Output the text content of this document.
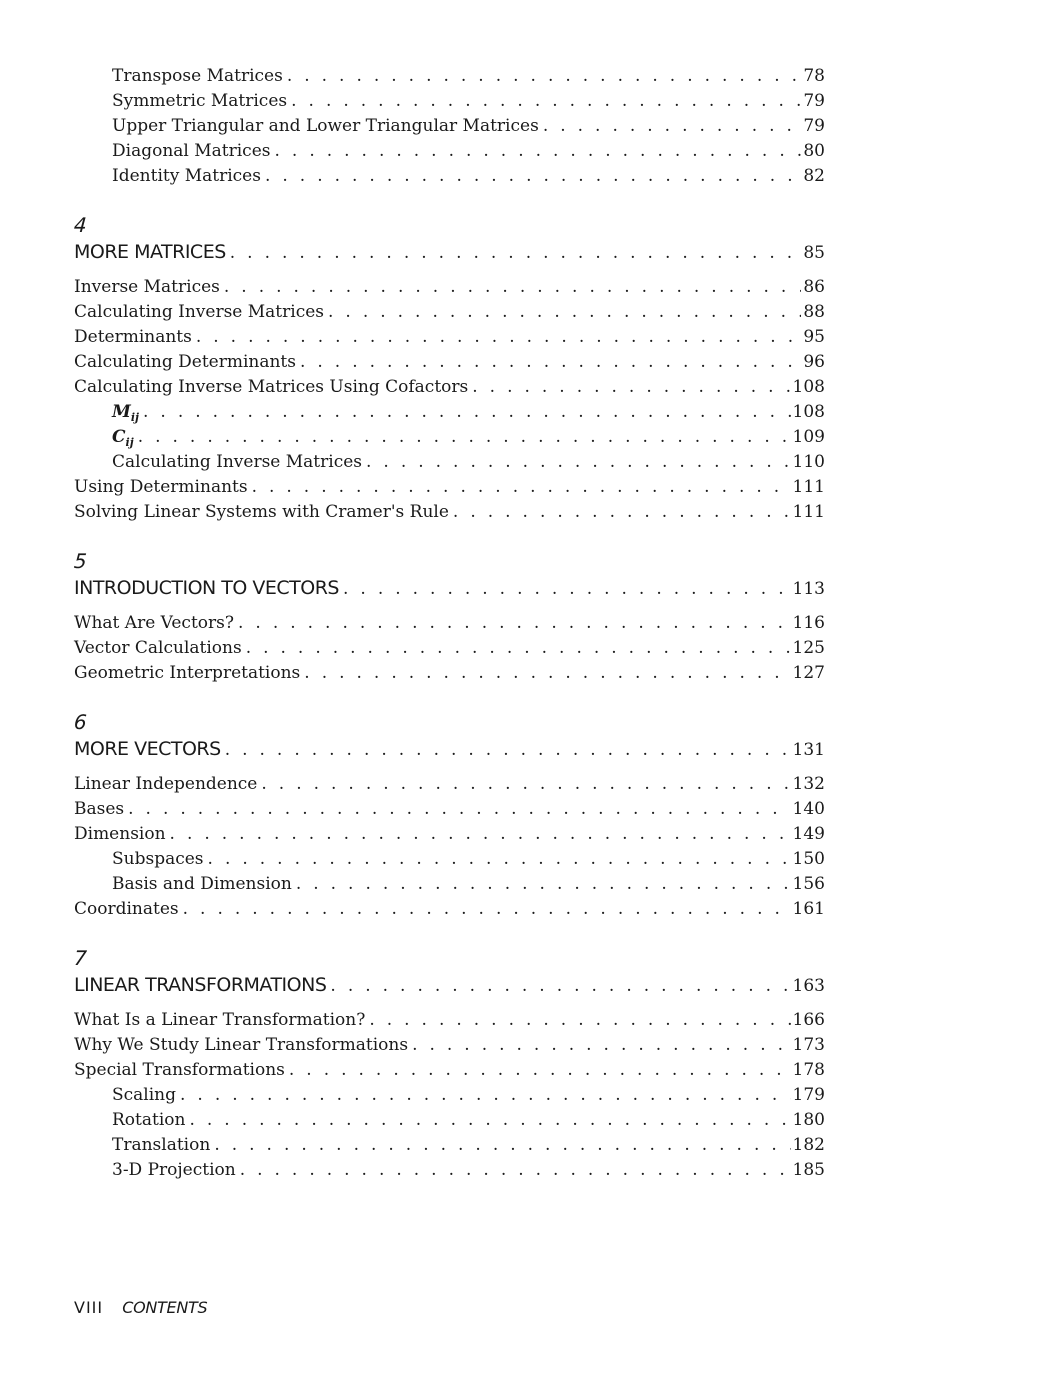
Transpose Matrices . . .	78
Symmetric Matrices . . .	79
Upper Triangular and Lower Triangular Matrices . . .	79
Diagonal Matrices . . .	80
Identity Matrices . . .	82
4
MORE MATRICES . . .	85
Inverse Matrices . . .	86
Calculating Inverse Matrices . . .	88
Determinants . . .	95
Calculating Determinants . . .	96
Calculating Inverse Matrices Using Cofactors . . .	108
$M_{ij}$ . . .	108
$C_{ij}$ . . .	109
Calculating Inverse Matrices . . .	110
Using Determinants . . .	111
Solving Linear Systems with Cramer's Rule . . .	111
5
INTRODUCTION TO VECTORS . . .	113
What Are Vectors? . . .	116
Vector Calculations . . .	125
Geometric Interpretations . . .	127
6
MORE VECTORS . . .	131
Linear Independence . . .	132
Bases . . .	140
Dimension . . .	149
Subspaces . . .	150
Basis and Dimension . . .	156
Coordinates . . .	161
7
LINEAR TRANSFORMATIONS . . .	163
What Is a Linear Transformation? . . .	166
Why We Study Linear Transformations . . .	173
Special Transformations . . .	178
Scaling . . .	179
Rotation . . .	180
Translation . . .	182
3-D Projection . . .	185
VIII CONTENTS
